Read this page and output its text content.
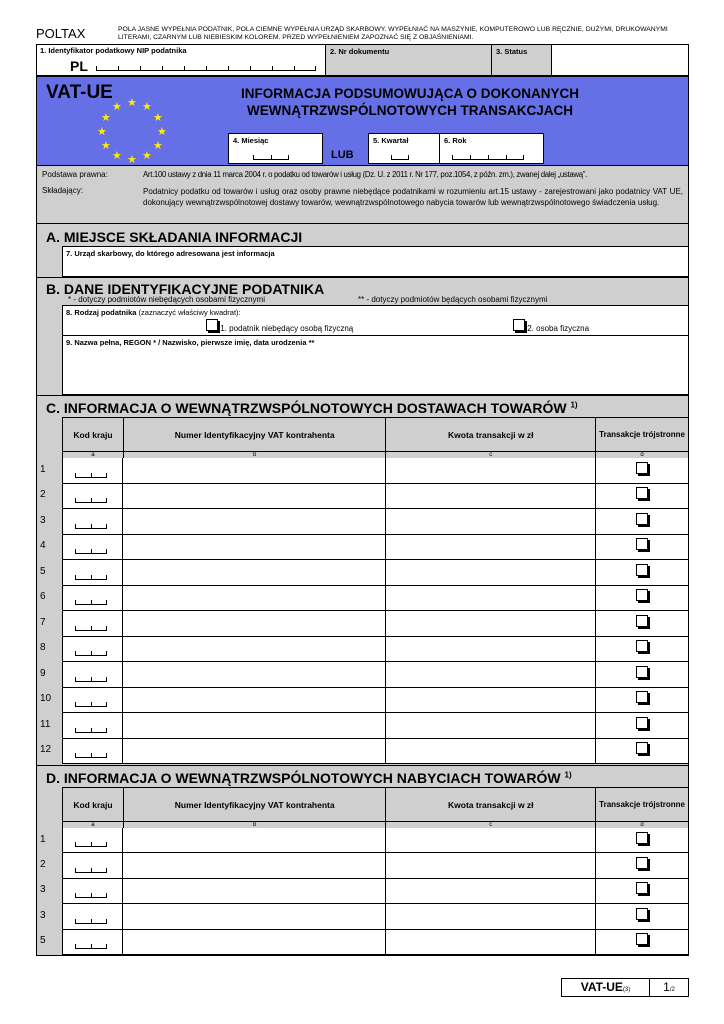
POLTAX	POLA JASNE WYPEŁNIA PODATNIK, POLA CIEMNE WYPEŁNIA URZĄD SKARBOWY. WYPEŁNIAĆ NA MASZYNIE, KOMPUTEROWO LUB RĘCZNIE, DUŻYMI, DRUKOWANYMI LITERAMI, CZARNYM LUB NIEBIESKIM KOLOREM. PRZED WYPEŁNIENIEM ZAPOZNAĆ SIĘ Z OBJAŚNIENIAMI.
1. Identyfikator podatkowy NIP podatnika
PL
2. Nr dokumentu	3. Status
VAT-UE ★ ★
★
★
★
★
★
★
★
★
★
★
INFORMACJA PODSUMOWUJĄCA O DOKONANYCH
WEWNĄTRZWSPÓLNOTOWYCH TRANSAKCJACH
4. Miesiąc
LUB
5. Kwartał	6. Rok
Podstawa prawna:	Art.100 ustawy z dnia 11 marca 2004 r. o podatku od towarów i usług (Dz. U. z 2011 r. Nr 177, poz.1054, z późn. zm.), zwanej dalej „ustawą”.
Składający:	Podatnicy podatku od towarów i usług oraz osoby prawne niebędące podatnikami w rozumieniu art.15 ustawy - zarejestrowani jako podatnicy VAT UE, dokonujący wewnątrzwspólnotowej dostawy towarów, wewnątrzwspólnotowego nabycia towarów lub wewnątrzwspólnotowego świadczenia usług.
A. MIEJSCE SKŁADANIA INFORMACJI
7. Urząd skarbowy, do którego adresowana jest informacja
B. DANE IDENTYFIKACYJNE PODATNIKA
* - dotyczy podmiotów niebędących osobami fizycznymi	** - dotyczy podmiotów będących osobami fizycznymi
8. Rodzaj podatnika (zaznaczyć właściwy kwadrat):
1. podatnik niebędący osobą fizyczną	2. osoba fizyczna
9. Nazwa pełna, REGON * / Nazwisko, pierwsze imię, data urodzenia **
C. INFORMACJA O WEWNĄTRZWSPÓLNOTOWYCH DOSTAWACH TOWARÓW $^{1)}$
Kod kraju	Numer Identyfikacyjny VAT kontrahenta	Kwota transakcji w zł	Transakcje trójstronne
a	b	c	d
1
2
3
4
5
6
7
8
9
10
11
12
D. INFORMACJA O WEWNĄTRZWSPÓLNOTOWYCH NABYCIACH TOWARÓW $^{1)}$
Kod kraju	Numer Identyfikacyjny VAT kontrahenta	Kwota transakcji w zł	Transakcje trójstronne
a	b	c	d
1
2
3
3
5
VAT-UE(3)	1/2
